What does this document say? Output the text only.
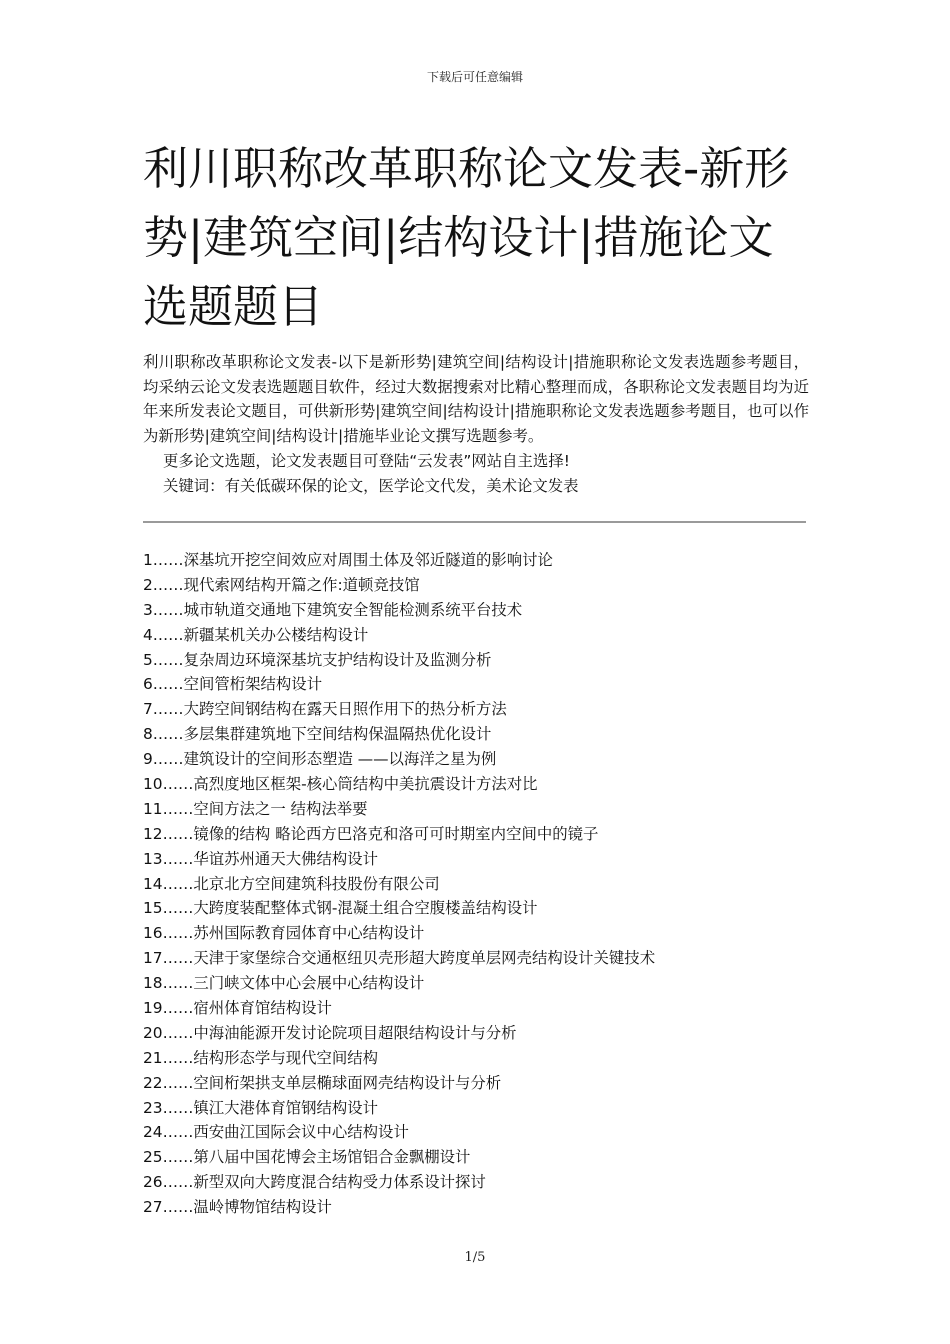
下载后可任意编辑
利川职称改革职称论文发表-新形势|建筑空间|结构设计|措施论文选题题目

利川职称改革职称论文发表-以下是新形势|建筑空间|结构设计|措施职称论文发表选题参考题目，均采纳云论文发表选题题目软件，经过大数据搜索对比精心整理而成，各职称论文发表题目均为近年来所发表论文题目，可供新形势|建筑空间|结构设计|措施职称论文发表选题参考题目，也可以作为新形势|建筑空间|结构设计|措施毕业论文撰写选题参考。

更多论文选题，论文发表题目可登陆“云发表”网站自主选择!

关键词：有关低碳环保的论文，医学论文代发，美术论文发表

1……深基坑开挖空间效应对周围土体及邻近隧道的影响讨论
2……现代索网结构开篇之作:道顿竞技馆
3……城市轨道交通地下建筑安全智能检测系统平台技术
4……新疆某机关办公楼结构设计
5……复杂周边环境深基坑支护结构设计及监测分析
6……空间管桁架结构设计
7……大跨空间钢结构在露天日照作用下的热分析方法
8……多层集群建筑地下空间结构保温隔热优化设计
9……建筑设计的空间形态塑造 ——以海洋之星为例
10……高烈度地区框架-核心筒结构中美抗震设计方法对比
11……空间方法之一 结构法举要
12……镜像的结构 略论西方巴洛克和洛可可时期室内空间中的镜子
13……华谊苏州通天大佛结构设计
14……北京北方空间建筑科技股份有限公司
15……大跨度装配整体式钢-混凝土组合空腹楼盖结构设计
16……苏州国际教育园体育中心结构设计
17……天津于家堡综合交通枢纽贝壳形超大跨度单层网壳结构设计关键技术
18……三门峡文体中心会展中心结构设计
19……宿州体育馆结构设计
20……中海油能源开发讨论院项目超限结构设计与分析
21……结构形态学与现代空间结构
22……空间桁架拱支单层椭球面网壳结构设计与分析
23……镇江大港体育馆钢结构设计
24……西安曲江国际会议中心结构设计
25……第八届中国花博会主场馆铝合金飘棚设计
26……新型双向大跨度混合结构受力体系设计探讨
27……温岭博物馆结构设计
1/5
